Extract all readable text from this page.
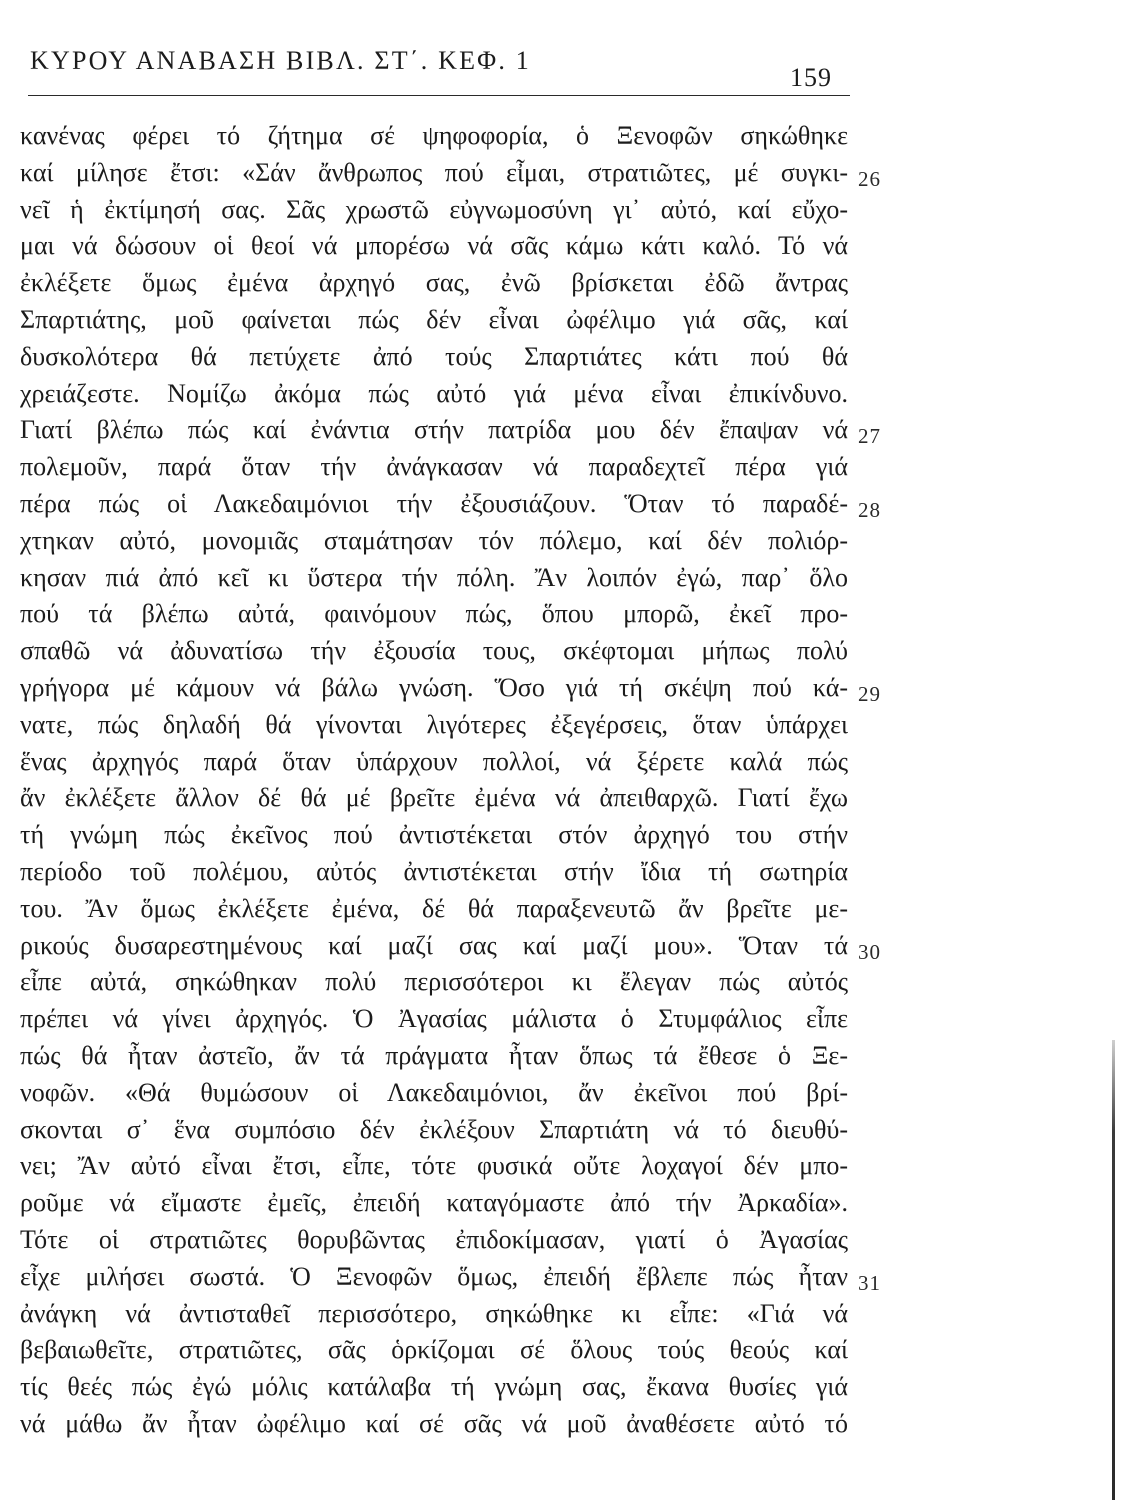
ΚΥΡΟΥ ΑΝΑΒΑΣΗ ΒΙΒΛ. ΣΤ΄. ΚΕΦ. 1
159
κανένας φέρει τό ζήτημα σέ ψηφοφορία, ὁ Ξενοφῶν σηκώθηκε
καί μίλησε ἔτσι: «Σάν ἄνθρωπος πού εἶμαι, στρατιῶτες, μέ συγκι- 26
νεῖ ἡ ἐκτίμησή σας. Σᾶς χρωστῶ εὐγνωμοσύνη γι᾿ αὐτό, καί εὔχο-
μαι νά δώσουν οἱ θεοί νά μπορέσω νά σᾶς κάμω κάτι καλό. Τό νά
ἐκλέξετε ὅμως ἐμένα ἀρχηγό σας, ἐνῶ βρίσκεται ἐδῶ ἄντρας
Σπαρτιάτης, μοῦ φαίνεται πώς δέν εἶναι ὠφέλιμο γιά σᾶς, καί
δυσκολότερα θά πετύχετε ἀπό τούς Σπαρτιάτες κάτι πού θά
χρειάζεστε. Νομίζω ἀκόμα πώς αὐτό γιά μένα εἶναι ἐπικίνδυνο.
Γιατί βλέπω πώς καί ἐνάντια στήν πατρίδα μου δέν ἔπαψαν νά 27
πολεμοῦν, παρά ὅταν τήν ἀνάγκασαν νά παραδεχτεῖ πέρα γιά
πέρα πώς οἱ Λακεδαιμόνιοι τήν ἐξουσιάζουν. Ὅταν τό παραδέ- 28
χτηκαν αὐτό, μονομιᾶς σταμάτησαν τόν πόλεμο, καί δέν πολιόρ-
κησαν πιά ἀπό κεῖ κι ὕστερα τήν πόλη. Ἄν λοιπόν ἐγώ, παρ᾿ ὅλο
πού τά βλέπω αὐτά, φαινόμουν πώς, ὅπου μπορῶ, ἐκεῖ προ-
σπαθῶ νά ἀδυνατίσω τήν ἐξουσία τους, σκέφτομαι μήπως πολύ
γρήγορα μέ κάμουν νά βάλω γνώση. Ὅσο γιά τή σκέψη πού κά- 29
νατε, πώς δηλαδή θά γίνονται λιγότερες ἐξεγέρσεις, ὅταν ὑπάρχει
ἕνας ἀρχηγός παρά ὅταν ὑπάρχουν πολλοί, νά ξέρετε καλά πώς
ἄν ἐκλέξετε ἄλλον δέ θά μέ βρεῖτε ἐμένα νά ἀπειθαρχῶ. Γιατί ἔχω
τή γνώμη πώς ἐκεῖνος πού ἀντιστέκεται στόν ἀρχηγό του στήν
περίοδο τοῦ πολέμου, αὐτός ἀντιστέκεται στήν ἴδια τή σωτηρία
του. Ἄν ὅμως ἐκλέξετε ἐμένα, δέ θά παραξενευτῶ ἄν βρεῖτε με-
ρικούς δυσαρεστημένους καί μαζί σας καί μαζί μου». Ὅταν τά 30
εἶπε αὐτά, σηκώθηκαν πολύ περισσότεροι κι ἔλεγαν πώς αὐτός
πρέπει νά γίνει ἀρχηγός. Ὁ Ἀγασίας μάλιστα ὁ Στυμφάλιος εἶπε
πώς θά ἦταν ἀστεῖο, ἄν τά πράγματα ἦταν ὅπως τά ἔθεσε ὁ Ξε-
νοφῶν. «Θά θυμώσουν οἱ Λακεδαιμόνιοι, ἄν ἐκεῖνοι πού βρί-
σκονται σ᾿ ἕνα συμπόσιο δέν ἐκλέξουν Σπαρτιάτη νά τό διευθύ-
νει; Ἄν αὐτό εἶναι ἔτσι, εἶπε, τότε φυσικά οὔτε λοχαγοί δέν μπο-
ροῦμε νά εἴμαστε ἐμεῖς, ἐπειδή καταγόμαστε ἀπό τήν Ἀρκαδία».
Τότε οἱ στρατιῶτες θορυβῶντας ἐπιδοκίμασαν, γιατί ὁ Ἀγασίας
εἶχε μιλήσει σωστά. Ὁ Ξενοφῶν ὅμως, ἐπειδή ἔβλεπε πώς ἦταν 31
ἀνάγκη νά ἀντισταθεῖ περισσότερο, σηκώθηκε κι εἶπε: «Γιά νά
βεβαιωθεῖτε, στρατιῶτες, σᾶς ὁρκίζομαι σέ ὅλους τούς θεούς καί
τίς θεές πώς ἐγώ μόλις κατάλαβα τή γνώμη σας, ἔκανα θυσίες γιά
νά μάθω ἄν ἦταν ὠφέλιμο καί σέ σᾶς νά μοῦ ἀναθέσετε αὐτό τό
